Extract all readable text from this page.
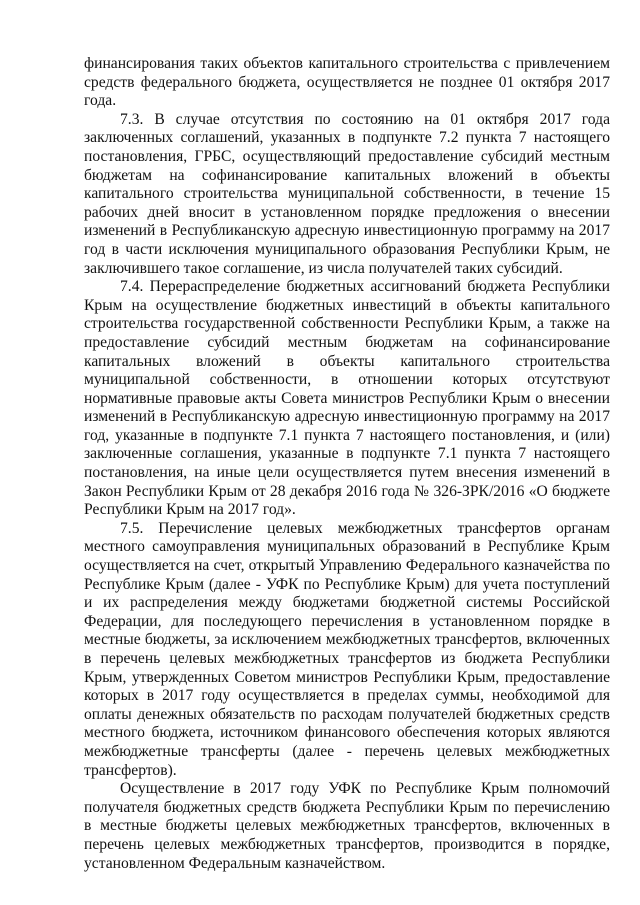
финансирования таких объектов капитального строительства с привлечением средств федерального бюджета, осуществляется не позднее 01 октября 2017 года.

7.3. В случае отсутствия по состоянию на 01 октября 2017 года заключенных соглашений, указанных в подпункте 7.2 пункта 7 настоящего постановления, ГРБС, осуществляющий предоставление субсидий местным бюджетам на софинансирование капитальных вложений в объекты капитального строительства муниципальной собственности, в течение 15 рабочих дней вносит в установленном порядке предложения о внесении изменений в Республиканскую адресную инвестиционную программу на 2017 год в части исключения муниципального образования Республики Крым, не заключившего такое соглашение, из числа получателей таких субсидий.

7.4. Перераспределение бюджетных ассигнований бюджета Республики Крым на осуществление бюджетных инвестиций в объекты капитального строительства государственной собственности Республики Крым, а также на предоставление субсидий местным бюджетам на софинансирование капитальных вложений в объекты капитального строительства муниципальной собственности, в отношении которых отсутствуют нормативные правовые акты Совета министров Республики Крым о внесении изменений в Республиканскую адресную инвестиционную программу на 2017 год, указанные в подпункте 7.1 пункта 7 настоящего постановления, и (или) заключенные соглашения, указанные в подпункте 7.1 пункта 7 настоящего постановления, на иные цели осуществляется путем внесения изменений в Закон Республики Крым от 28 декабря 2016 года № 326-ЗРК/2016 «О бюджете Республики Крым на 2017 год».

7.5. Перечисление целевых межбюджетных трансфертов органам местного самоуправления муниципальных образований в Республике Крым осуществляется на счет, открытый Управлению Федерального казначейства по Республике Крым (далее - УФК по Республике Крым) для учета поступлений и их распределения между бюджетами бюджетной системы Российской Федерации, для последующего перечисления в установленном порядке в местные бюджеты, за исключением межбюджетных трансфертов, включенных в перечень целевых межбюджетных трансфертов из бюджета Республики Крым, утвержденных Советом министров Республики Крым, предоставление которых в 2017 году осуществляется в пределах суммы, необходимой для оплаты денежных обязательств по расходам получателей бюджетных средств местного бюджета, источником финансового обеспечения которых являются межбюджетные трансферты (далее - перечень целевых межбюджетных трансфертов).

Осуществление в 2017 году УФК по Республике Крым полномочий получателя бюджетных средств бюджета Республики Крым по перечислению в местные бюджеты целевых межбюджетных трансфертов, включенных в перечень целевых межбюджетных трансфертов, производится в порядке, установленном Федеральным казначейством.
